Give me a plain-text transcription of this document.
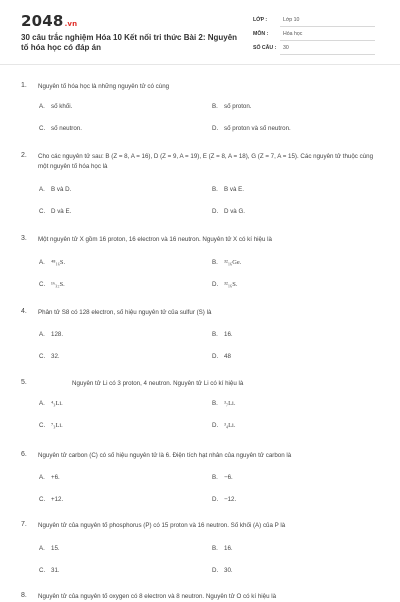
2048.vn
30 câu trắc nghiệm Hóa 10 Kết nối tri thức Bài 2: Nguyên tố hóa học có đáp án
LỚP :	Lớp 10
MÔN :	Hóa học
SỐ CÂU : 30
1. Nguyên tố hóa học là những nguyên tử có cùng
A. số khối.	B. số proton.
C. số neutron.	D. số proton và số neutron.
2. Cho các nguyên tử sau: B (Z = 8, A = 16), D (Z = 9, A = 19), E (Z = 8, A = 18), G (Z = 7, A = 15). Các nguyên tử thuộc cùng một nguyên tố hóa học là
A. B và D.	B. B và E.
C. D và E.	D. D và G.
3. Một nguyên tử X gồm 16 proton, 16 electron và 16 neutron. Nguyên tử X có kí hiệu là
A. ⁴⁸₁₆S.	B. ³²₁₆Ge.
C. ¹⁶₃₂S.	D. ³²₁₆S.
4. Phân tử S8 có 128 electron, số hiệu nguyên tử của sulfur (S) là
A. 128.	B. 16.
C. 32.	D. 48
5.	Nguyên tử Li có 3 proton, 4 neutron. Nguyên tử Li có kí hiệu là
A. ⁴₃Li.	B. ³₇Li.
C. ⁷₃Li.	D. ³₄Li.
6. Nguyên tử carbon (C) có số hiệu nguyên tử là 6. Điện tích hạt nhân của nguyên tử carbon là
A. +6.	B. −6.
C. +12.	D. −12.
7. Nguyên tử của nguyên tố phosphorus (P) có 15 proton và 16 neutron. Số khối (A) của P là
A. 15.	B. 16.
C. 31.	D. 30.
8. Nguyên tử của nguyên tố oxygen có 8 electron và 8 neutron. Nguyên tử O có kí hiệu là
